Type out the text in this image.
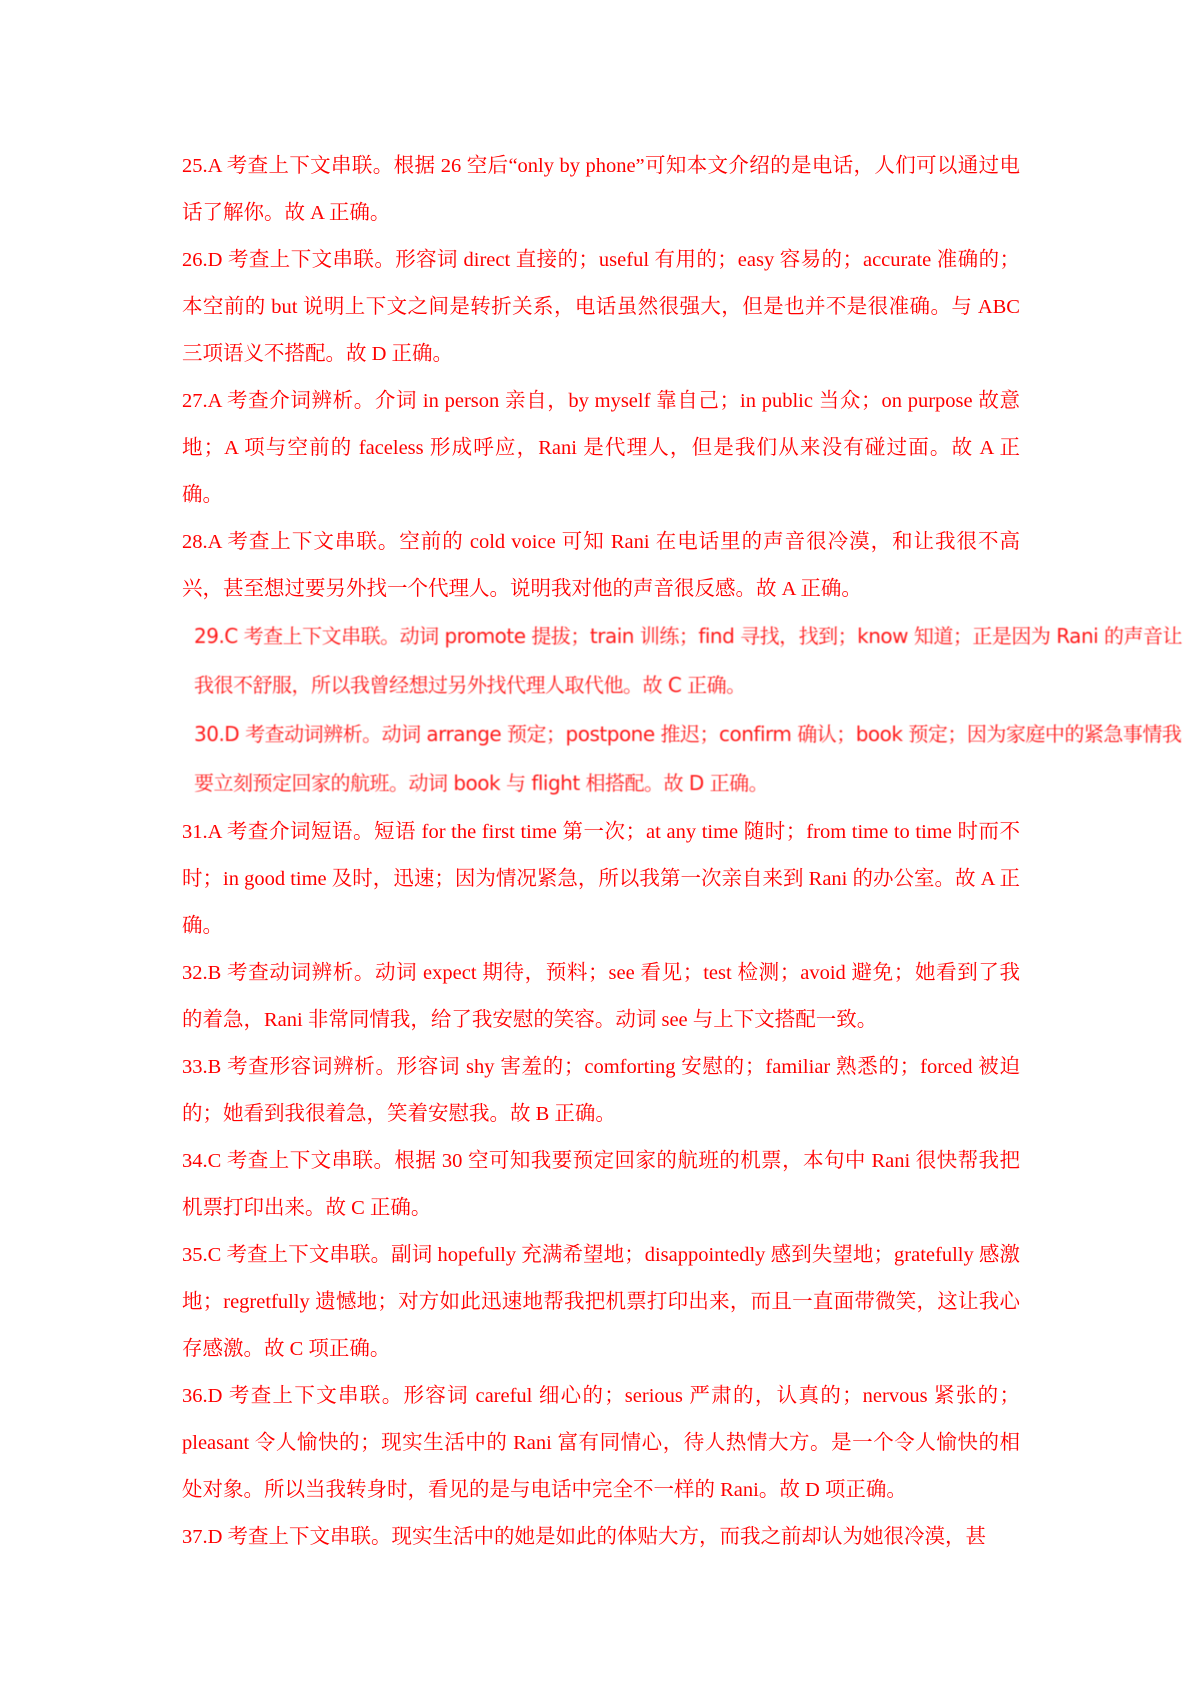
25.A 考查上下文串联。根据 26 空后“only by phone”可知本文介绍的是电话，人们可以通过电话了解你。故 A 正确。

26.D 考查上下文串联。形容词 direct 直接的；useful 有用的；easy 容易的；accurate 准确的；本空前的 but 说明上下文之间是转折关系，电话虽然很强大，但是也并不是很准确。与 ABC 三项语义不搭配。故 D 正确。

27.A 考查介词辨析。介词 in person 亲自，by myself 靠自己；in public 当众；on purpose 故意地；A 项与空前的 faceless 形成呼应，Rani 是代理人，但是我们从来没有碰过面。故 A 正确。

28.A 考查上下文串联。空前的 cold voice 可知 Rani 在电话里的声音很冷漠，和让我很不高兴，甚至想过要另外找一个代理人。说明我对他的声音很反感。故 A 正确。

29.C 考查上下文串联。动词 promote 提拔；train 训练；find 寻找，找到；know 知道；正是因为 Rani 的声音让我很不舒服，所以我曾经想过另外找代理人取代他。故 C 正确。

30.D 考查动词辨析。动词 arrange 预定；postpone 推迟；confirm 确认；book 预定；因为家庭中的紧急事情我要立刻预定回家的航班。动词 book 与 flight 相搭配。故 D 正确。

31.A 考查介词短语。短语 for the first time 第一次；at any time 随时；from time to time 时而不时；in good time 及时，迅速；因为情况紧急，所以我第一次亲自来到 Rani 的办公室。故 A 正确。

32.B 考查动词辨析。动词 expect 期待，预料；see 看见；test 检测；avoid 避免；她看到了我的着急，Rani 非常同情我，给了我安慰的笑容。动词 see 与上下文搭配一致。

33.B 考查形容词辨析。形容词 shy 害羞的；comforting 安慰的；familiar 熟悉的；forced 被迫的；她看到我很着急，笑着安慰我。故 B 正确。

34.C 考查上下文串联。根据 30 空可知我要预定回家的航班的机票，本句中 Rani 很快帮我把机票打印出来。故 C 正确。

35.C 考查上下文串联。副词 hopefully 充满希望地；disappointedly 感到失望地；gratefully 感激地；regretfully 遗憾地；对方如此迅速地帮我把机票打印出来，而且一直面带微笑，这让我心存感激。故 C 项正确。

36.D 考查上下文串联。形容词 careful 细心的；serious 严肃的，认真的；nervous 紧张的；pleasant 令人愉快的；现实生活中的 Rani 富有同情心，待人热情大方。是一个令人愉快的相处对象。所以当我转身时，看见的是与电话中完全不一样的 Rani。故 D 项正确。

37.D 考查上下文串联。现实生活中的她是如此的体贴大方，而我之前却认为她很冷漠，甚
